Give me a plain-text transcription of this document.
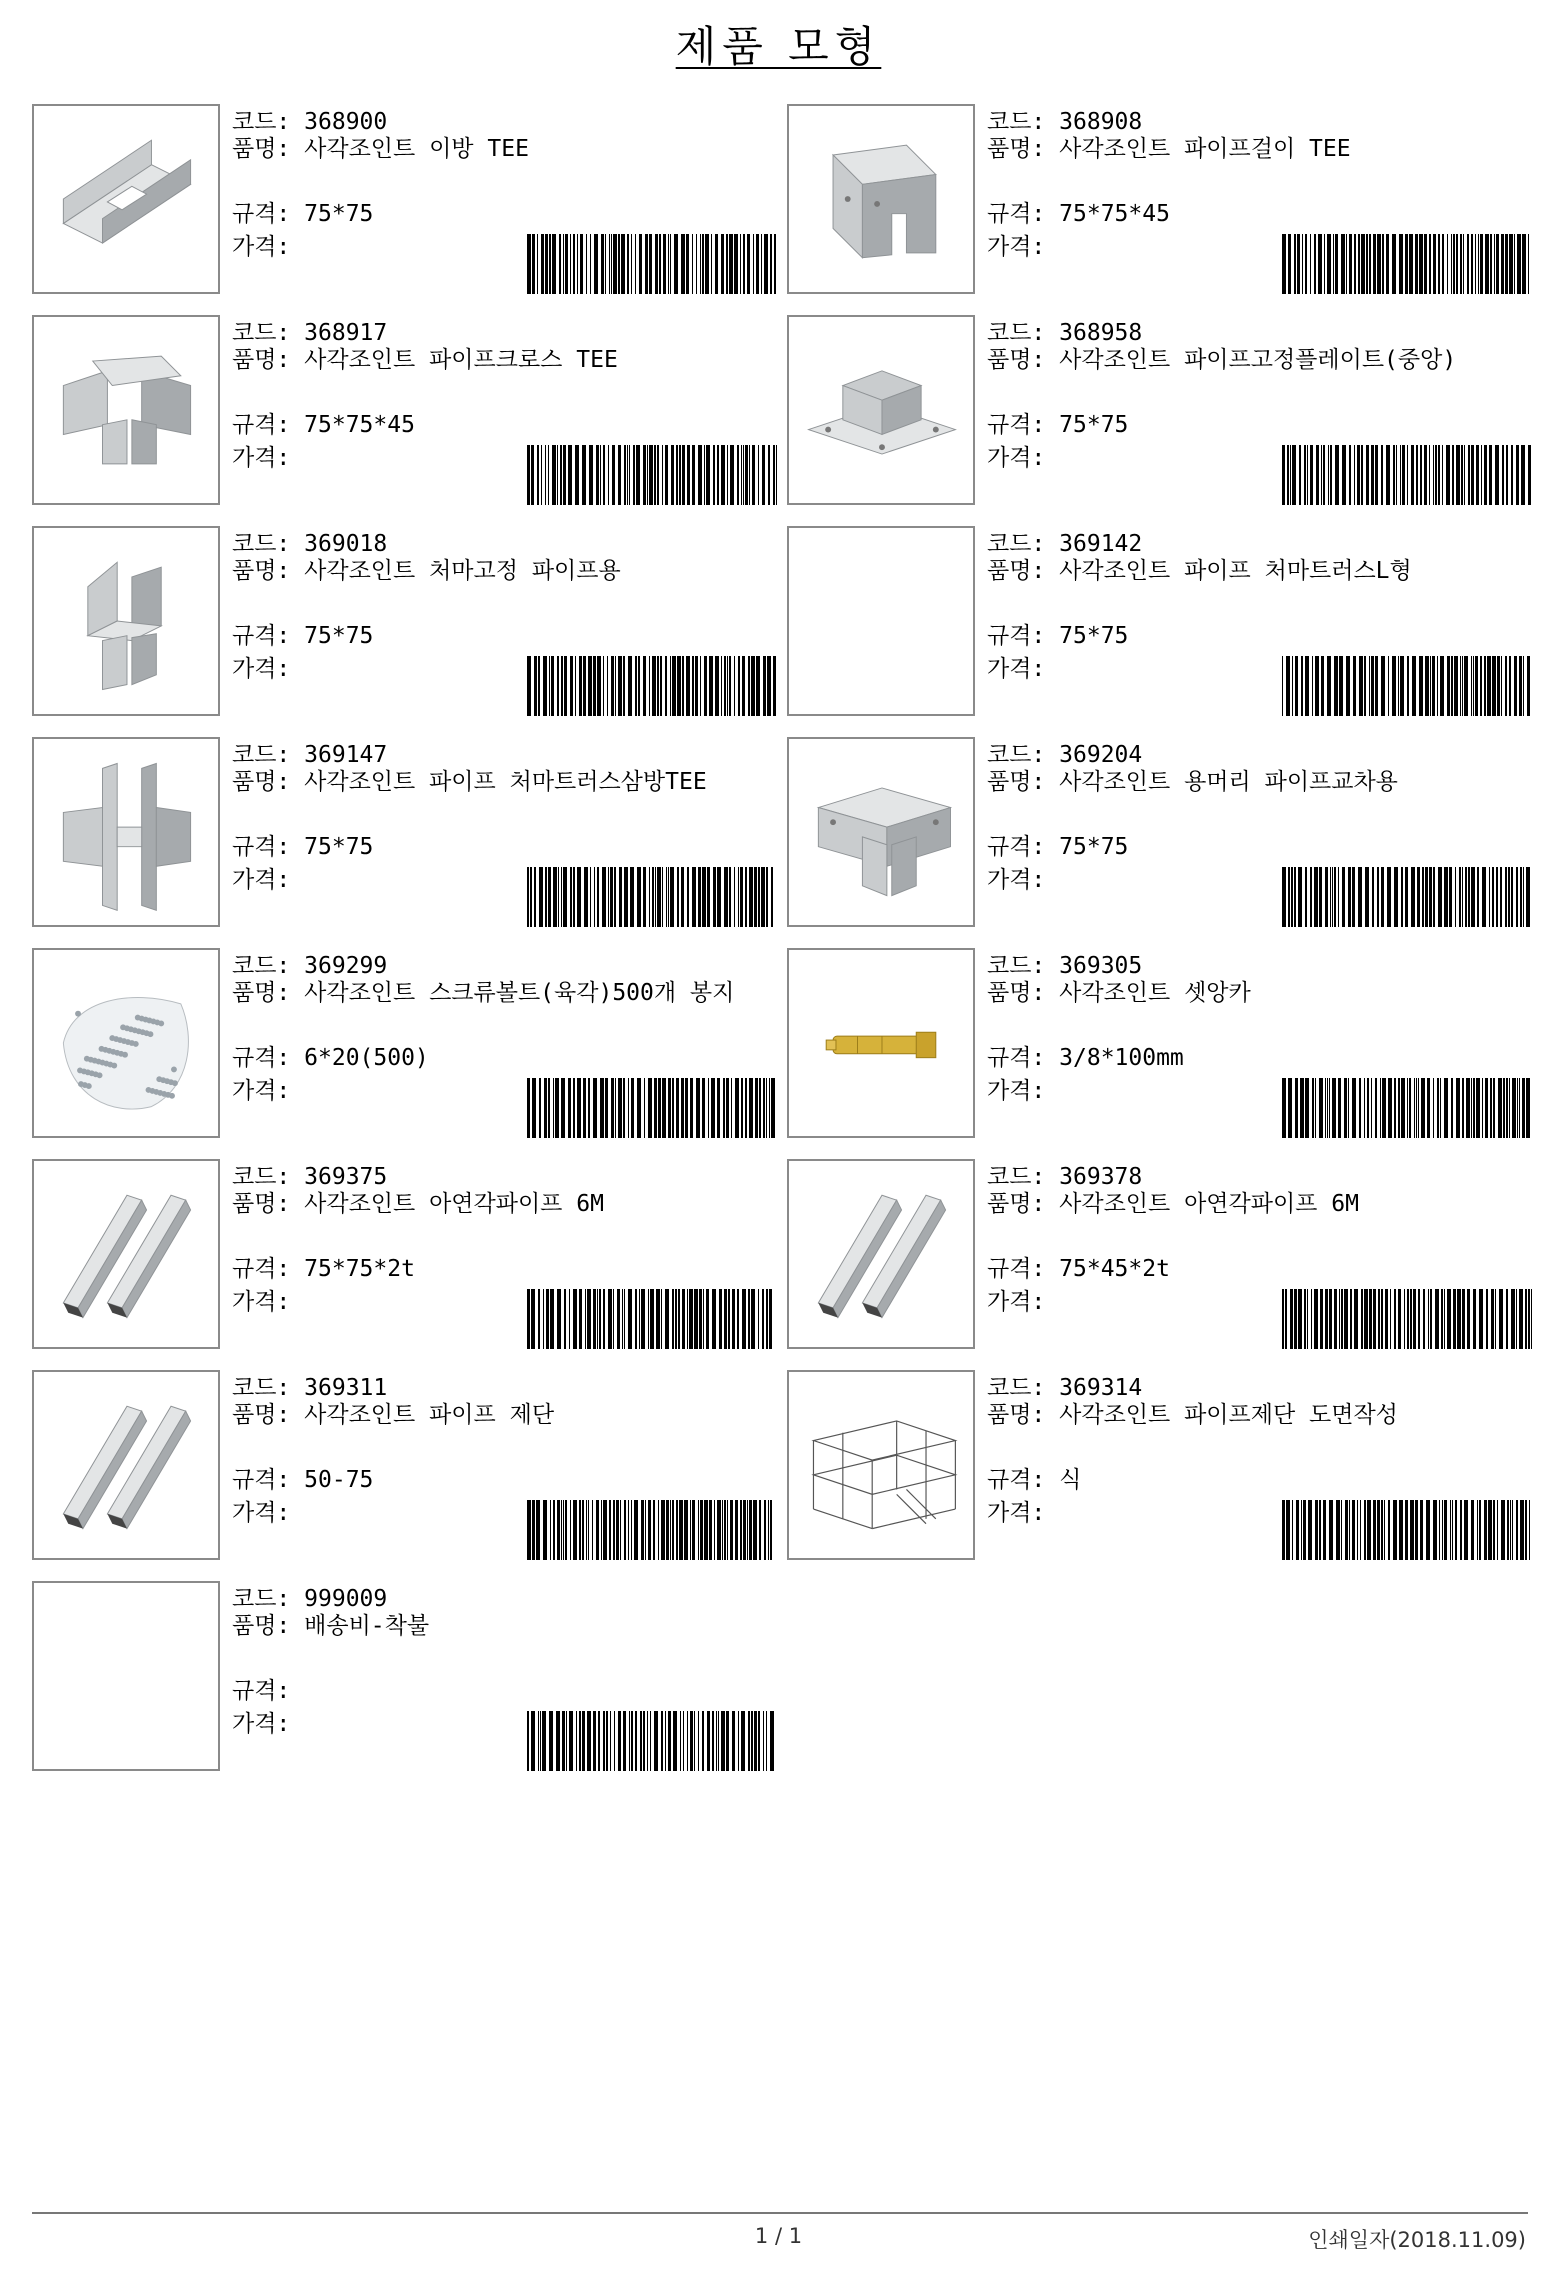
제품 모형
코드: 368900
품명: 사각조인트 이방 TEE
규격: 75*75
가격:
코드: 368908
품명: 사각조인트 파이프걸이 TEE
규격: 75*75*45
가격:
코드: 368917
품명: 사각조인트 파이프크로스 TEE
규격: 75*75*45
가격:
코드: 368958
품명: 사각조인트 파이프고정플레이트(중앙)
규격: 75*75
가격:
코드: 369018
품명: 사각조인트 처마고정 파이프용
규격: 75*75
가격:
코드: 369142
품명: 사각조인트 파이프 처마트러스L형
규격: 75*75
가격:
코드: 369147
품명: 사각조인트 파이프 처마트러스삼방TEE
규격: 75*75
가격:
코드: 369204
품명: 사각조인트 용머리 파이프교차용
규격: 75*75
가격:
코드: 369299
품명: 사각조인트 스크류볼트(육각)500개 봉지
규격: 6*20(500)
가격:
코드: 369305
품명: 사각조인트 셋앙카
규격: 3/8*100mm
가격:
코드: 369375
품명: 사각조인트 아연각파이프 6M
규격: 75*75*2t
가격:
코드: 369378
품명: 사각조인트 아연각파이프 6M
규격: 75*45*2t
가격:
코드: 369311
품명: 사각조인트 파이프 제단
규격: 50-75
가격:
코드: 369314
품명: 사각조인트 파이프제단 도면작성
규격: 식
가격:
코드: 999009
품명: 배송비-착불
규격:
가격:
1 / 1	인쇄일자(2018.11.09)
